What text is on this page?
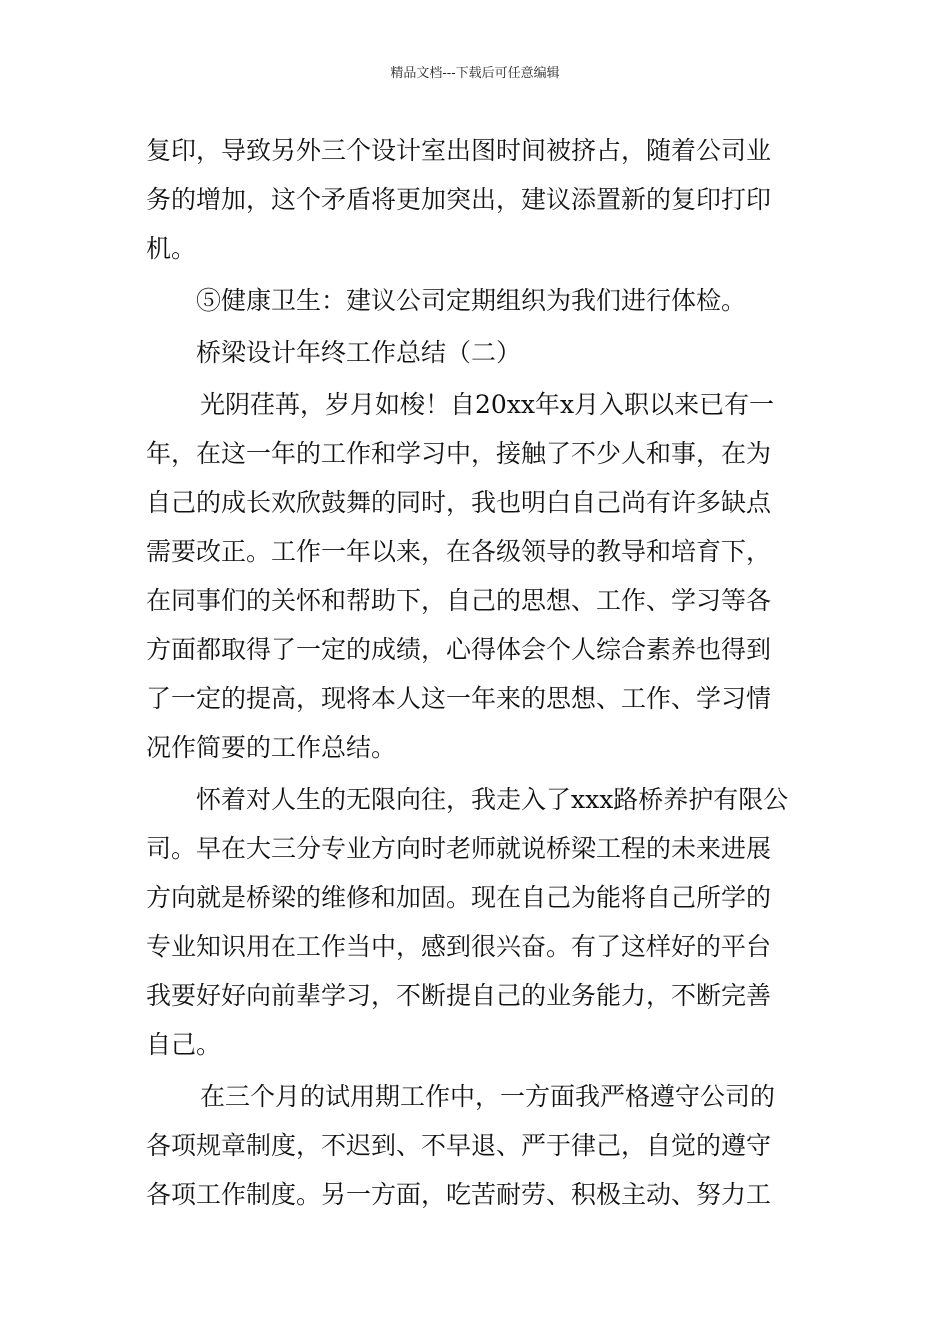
精品文档---下载后可任意编辑
复印，导致另外三个设计室出图时间被挤占，随着公司业
务的增加，这个矛盾将更加突出，建议添置新的复印打印
机。
⑤健康卫生：建议公司定期组织为我们进行体检。
桥梁设计年终工作总结（二）
光阴荏苒，岁月如梭！自20xx年x月入职以来已有一
年，在这一年的工作和学习中，接触了不少人和事，在为
自己的成长欢欣鼓舞的同时，我也明白自己尚有许多缺点
需要改正。工作一年以来，在各级领导的教导和培育下，
在同事们的关怀和帮助下，自己的思想、工作、学习等各
方面都取得了一定的成绩，心得体会个人综合素养也得到
了一定的提高，现将本人这一年来的思想、工作、学习情
况作简要的工作总结。
怀着对人生的无限向往，我走入了xxx路桥养护有限公
司。早在大三分专业方向时老师就说桥梁工程的未来进展
方向就是桥梁的维修和加固。现在自己为能将自己所学的
专业知识用在工作当中，感到很兴奋。有了这样好的平台
我要好好向前辈学习，不断提自己的业务能力，不断完善
自己。
在三个月的试用期工作中，一方面我严格遵守公司的
各项规章制度，不迟到、不早退、严于律己，自觉的遵守
各项工作制度。另一方面，吃苦耐劳、积极主动、努力工
